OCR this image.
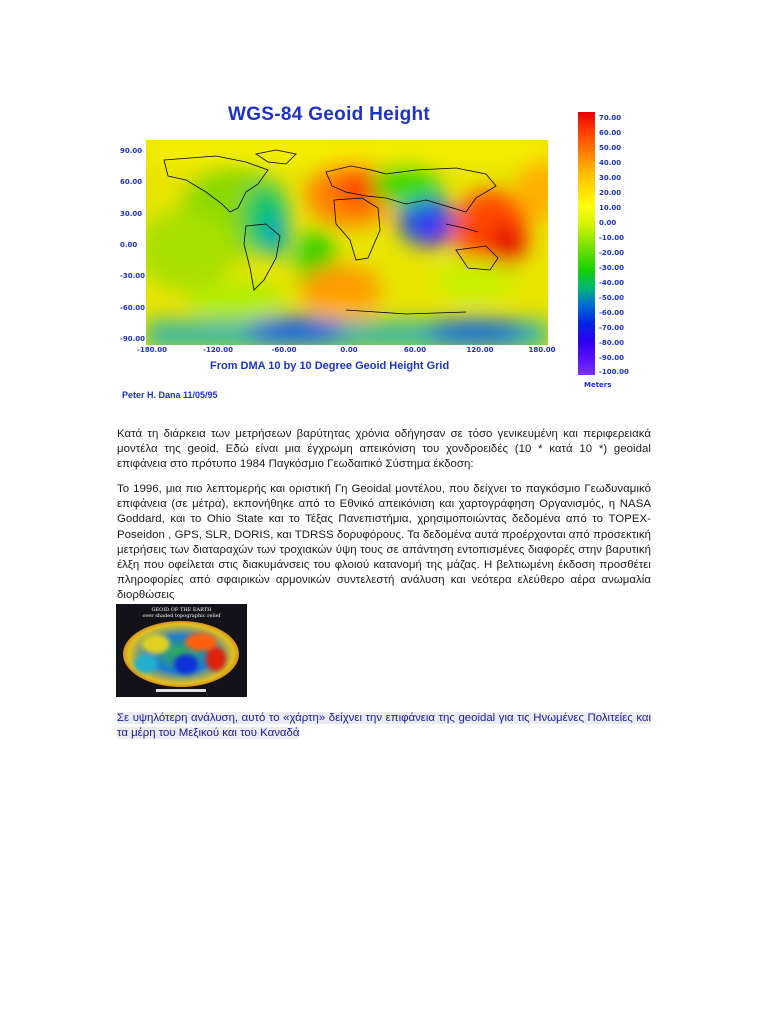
WGS-84 Geoid Height
90.00
60.00
30.00
0.00
-30.00
-60.00
-90.00
-180.00	-120.00	-60.00	0.00	60.00	120.00	180.00
From DMA 10 by 10 Degree Geoid Height Grid
Peter H. Dana 11/05/95
70.00
60.00
50.00
40.00
30.00
20.00
10.00
0.00
-10.00
-20.00
-30.00
-40.00
-50.00
-60.00
-70.00
-80.00
-90.00
-100.00
Meters

Κατά τη διάρκεια των μετρήσεων βαρύτητας χρόνια οδήγησαν σε τόσο γενικευμένη και περιφερειακά μοντέλα της geoid. Εδώ είναι μια έγχρωμη απεικόνιση του χονδροειδές (10 * κατά 10 *) geoidal επιφάνεια στο πρότυπο 1984 Παγκόσμιο Γεωδαιτικό Σύστημα έκδοση:

Το 1996, μια πιο λεπτομερής και οριστική Γη Geoidal μοντέλου, που δείχνει το παγκόσμιο Γεωδυναμικό επιφάνεια (σε μέτρα), εκπονήθηκε από το Εθνικό απεικόνιση και χαρτογράφηση Οργανισμός, η NASA Goddard, και το Ohio State και το Τέξας Πανεπιστήμια, χρησιμοποιώντας δεδομένα από το TOPEX-Poseidon , GPS, SLR, DORIS, και TDRSS δορυφόρους. Τα δεδομένα αυτά προέρχονται από προσεκτική μετρήσεις των διαταραχών των τροχιακών ύψη τους σε απάντηση εντοπισμένες διαφορές στην βαρυτική έλξη που οφείλεται στις διακυμάνσεις του φλοιού κατανομή της μάζας. Η βελτιωμένη έκδοση προσθέτει πληροφορίες από σφαιρικών αρμονικών συντελεστή ανάλυση και νεότερα ελεύθερο αέρα ανωμαλία διορθώσεις

GEOID OF THE EARTH
over shaded topographic relief

Σε υψηλότερη ανάλυση, αυτό το «χάρτη» δείχνει την επιφάνεια της geoidal για τις Ηνωμένες Πολιτείες και τα μέρη του Μεξικού και του Καναδά
